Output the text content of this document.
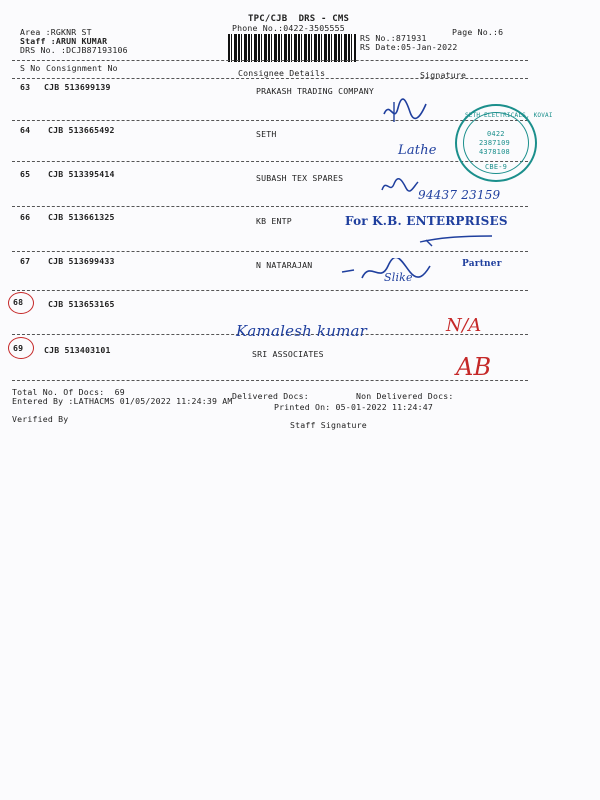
TPC/CJB  DRS - CMS
Phone No.:0422-3505555
Area :RGKNR ST
Staff :ARUN KUMAR
DRS No. :DCJB87193106
RS No.:871931
RS Date:05-Jan-2022
Page No.:6
S No Consignment No	Consignee Details	Signature
63 CJB 513699139	PRAKASH TRADING COMPANY
64 CJB 513665492	SETH
65 CJB 513395414	SUBASH TEX SPARES
66 CJB 513661325	KB ENTP
67 CJB 513699433	N NATARAJAN
68	CJB 513653165
69	CJB 513403101	SRI ASSOCIATES
Lathe
SETH ELECTRICALS, KOVAI
0422
2387109
4378108
CBE-9
94437 23159
For K.B. ENTERPRISES
Slike
Partner
Kamalesh kumar	N/A
AB
Total No. Of Docs:  69	Delivered Docs:	Non Delivered Docs:
Entered By :LATHACMS 01/05/2022 11:24:39 AM
Printed On: 05-01-2022 11:24:47
Verified By
Staff Signature
